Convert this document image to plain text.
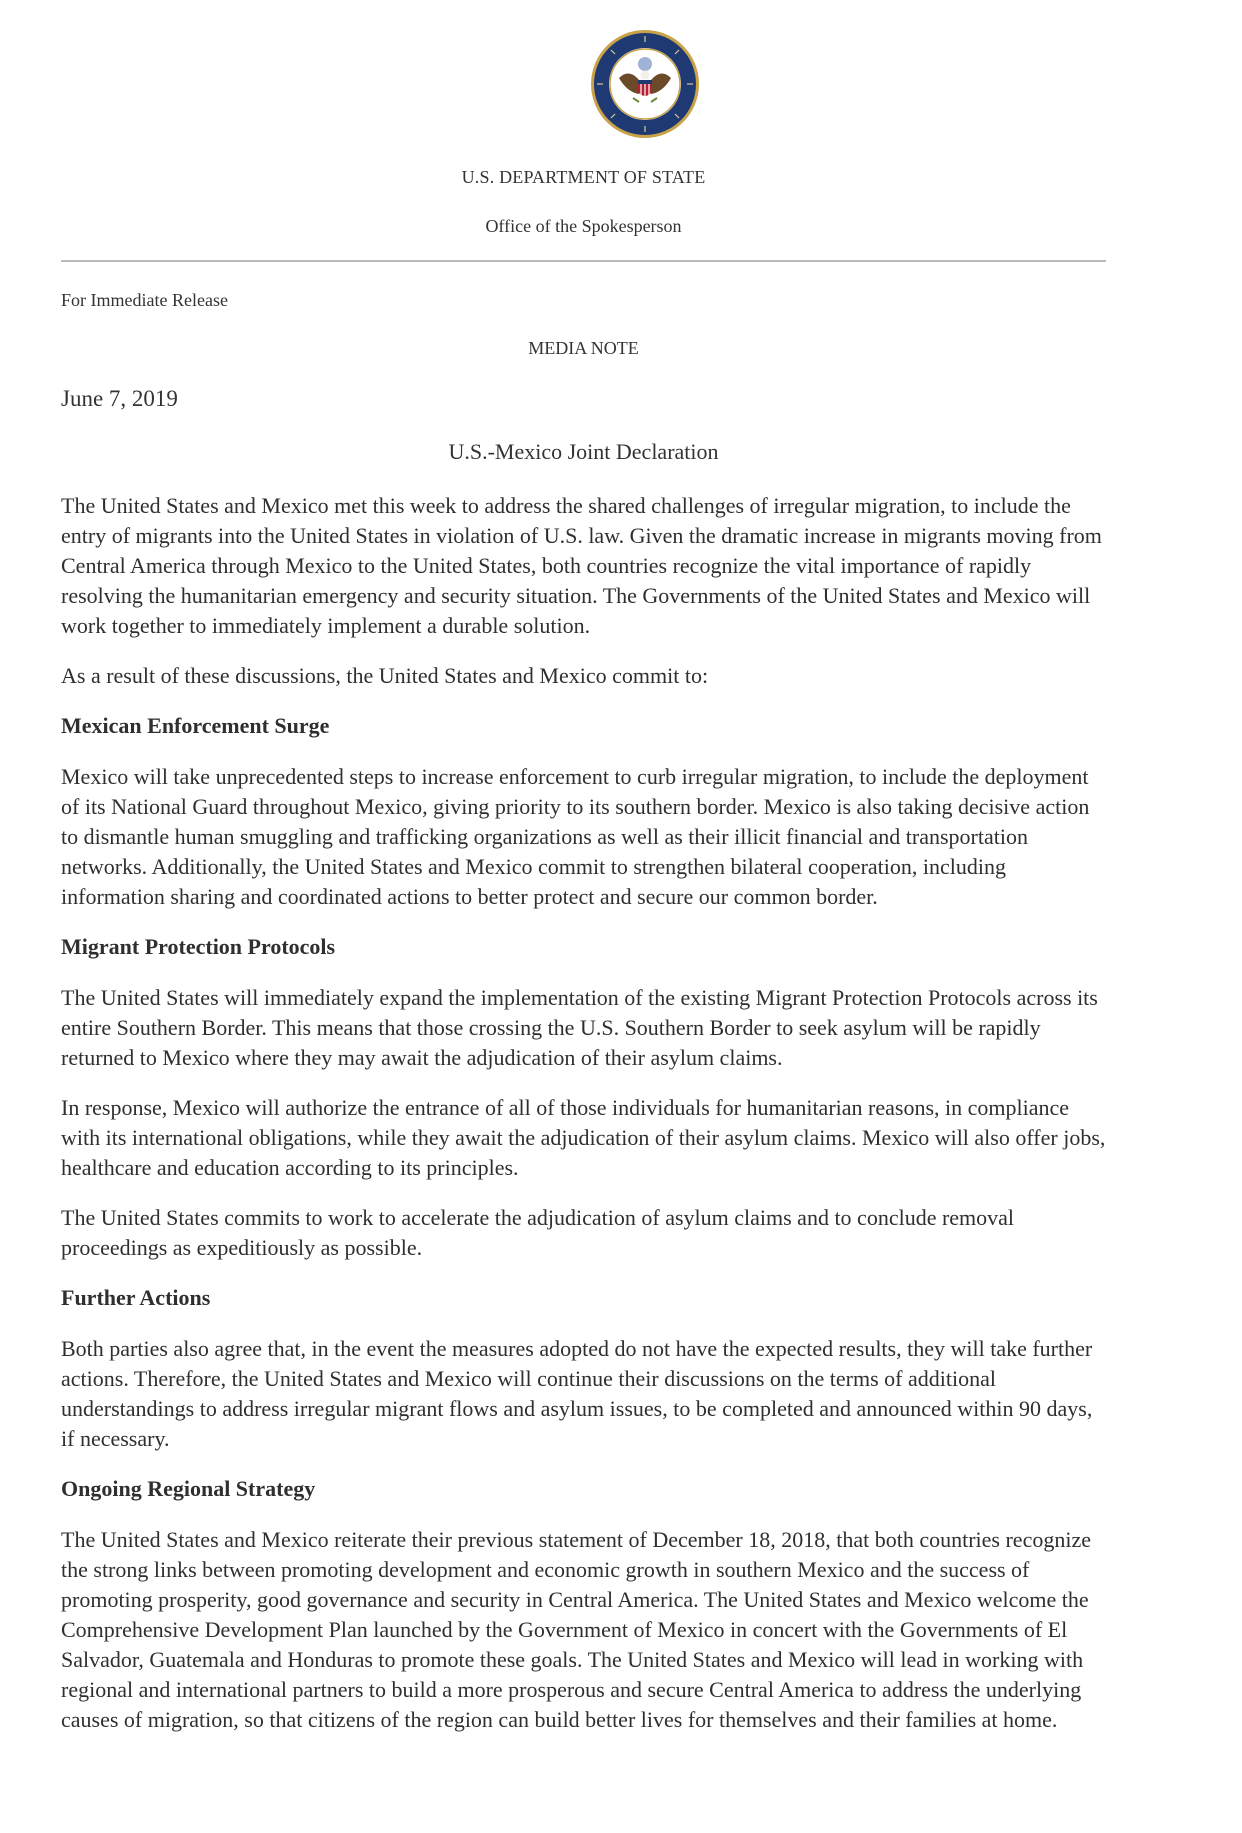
U.S. DEPARTMENT OF STATE
Office of the Spokesperson
For Immediate Release
MEDIA NOTE
June 7, 2019
U.S.-Mexico Joint Declaration

The United States and Mexico met this week to address the shared challenges of irregular migration, to include the entry of migrants into the United States in violation of U.S. law. Given the dramatic increase in migrants moving from Central America through Mexico to the United States, both countries recognize the vital importance of rapidly resolving the humanitarian emergency and security situation. The Governments of the United States and Mexico will work together to immediately implement a durable solution.

As a result of these discussions, the United States and Mexico commit to:

Mexican Enforcement Surge

Mexico will take unprecedented steps to increase enforcement to curb irregular migration, to include the deployment of its National Guard throughout Mexico, giving priority to its southern border. Mexico is also taking decisive action to dismantle human smuggling and trafficking organizations as well as their illicit financial and transportation networks. Additionally, the United States and Mexico commit to strengthen bilateral cooperation, including information sharing and coordinated actions to better protect and secure our common border.

Migrant Protection Protocols

The United States will immediately expand the implementation of the existing Migrant Protection Protocols across its entire Southern Border. This means that those crossing the U.S. Southern Border to seek asylum will be rapidly returned to Mexico where they may await the adjudication of their asylum claims.

In response, Mexico will authorize the entrance of all of those individuals for humanitarian reasons, in compliance with its international obligations, while they await the adjudication of their asylum claims. Mexico will also offer jobs, healthcare and education according to its principles.

The United States commits to work to accelerate the adjudication of asylum claims and to conclude removal proceedings as expeditiously as possible.

Further Actions

Both parties also agree that, in the event the measures adopted do not have the expected results, they will take further actions. Therefore, the United States and Mexico will continue their discussions on the terms of additional understandings to address irregular migrant flows and asylum issues, to be completed and announced within 90 days, if necessary.

Ongoing Regional Strategy

The United States and Mexico reiterate their previous statement of December 18, 2018, that both countries recognize the strong links between promoting development and economic growth in southern Mexico and the success of promoting prosperity, good governance and security in Central America. The United States and Mexico welcome the Comprehensive Development Plan launched by the Government of Mexico in concert with the Governments of El Salvador, Guatemala and Honduras to promote these goals. The United States and Mexico will lead in working with regional and international partners to build a more prosperous and secure Central America to address the underlying causes of migration, so that citizens of the region can build better lives for themselves and their families at home.
